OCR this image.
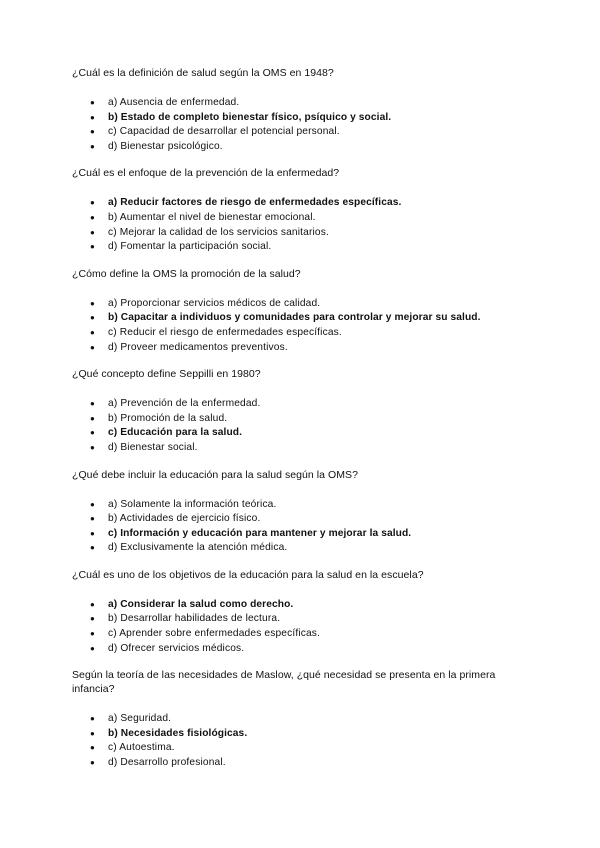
¿Cuál es la definición de salud según la OMS en 1948?

● a) Ausencia de enfermedad.
● b) Estado de completo bienestar físico, psíquico y social.
● c) Capacidad de desarrollar el potencial personal.
● d) Bienestar psicológico.

¿Cuál es el enfoque de la prevención de la enfermedad?

● a) Reducir factores de riesgo de enfermedades específicas.
● b) Aumentar el nivel de bienestar emocional.
● c) Mejorar la calidad de los servicios sanitarios.
● d) Fomentar la participación social.

¿Cómo define la OMS la promoción de la salud?

● a) Proporcionar servicios médicos de calidad.
● b) Capacitar a individuos y comunidades para controlar y mejorar su salud.
● c) Reducir el riesgo de enfermedades específicas.
● d) Proveer medicamentos preventivos.

¿Qué concepto define Seppilli en 1980?

● a) Prevención de la enfermedad.
● b) Promoción de la salud.
● c) Educación para la salud.
● d) Bienestar social.

¿Qué debe incluir la educación para la salud según la OMS?

● a) Solamente la información teórica.
● b) Actividades de ejercicio físico.
● c) Información y educación para mantener y mejorar la salud.
● d) Exclusivamente la atención médica.

¿Cuál es uno de los objetivos de la educación para la salud en la escuela?

● a) Considerar la salud como derecho.
● b) Desarrollar habilidades de lectura.
● c) Aprender sobre enfermedades específicas.
● d) Ofrecer servicios médicos.

Según la teoría de las necesidades de Maslow, ¿qué necesidad se presenta en la primera infancia?

● a) Seguridad.
● b) Necesidades fisiológicas.
● c) Autoestima.
● d) Desarrollo profesional.
